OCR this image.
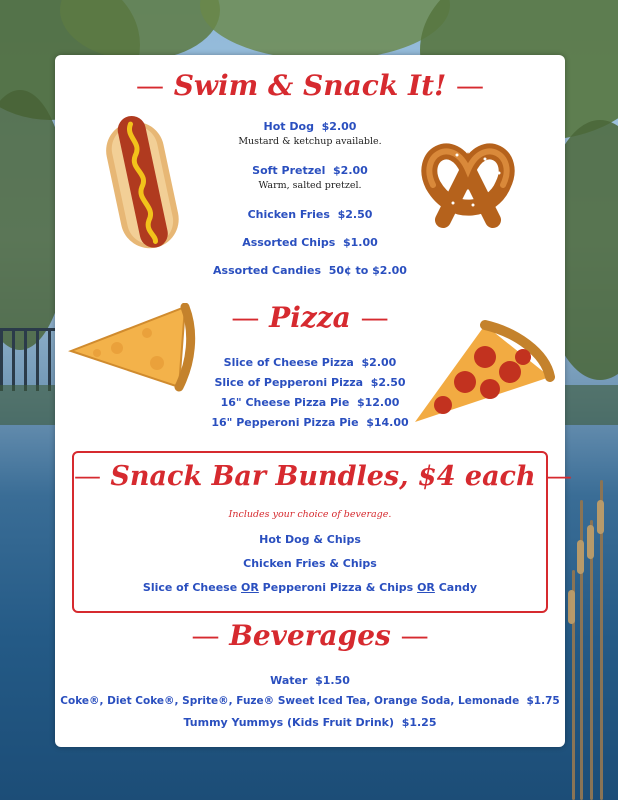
— Swim & Snack It! —
Hot Dog $2.00
Mustard & ketchup available.
Soft Pretzel $2.00
Warm, salted pretzel.
Chicken Fries $2.50
Assorted Chips $1.00
Assorted Candies 50¢ to $2.00
— Pizza —
Slice of Cheese Pizza $2.00
Slice of Pepperoni Pizza $2.50
16" Cheese Pizza Pie $12.00
16" Pepperoni Pizza Pie $14.00
— Snack Bar Bundles, $4 each —
Includes your choice of beverage.
Hot Dog & Chips
Chicken Fries & Chips
Slice of Cheese OR Pepperoni Pizza & Chips OR Candy
— Beverages —
Water $1.50
Coke®, Diet Coke®, Sprite®, Fuze® Sweet Iced Tea, Orange Soda, Lemonade $1.75
Tummy Yummys (Kids Fruit Drink) $1.25
